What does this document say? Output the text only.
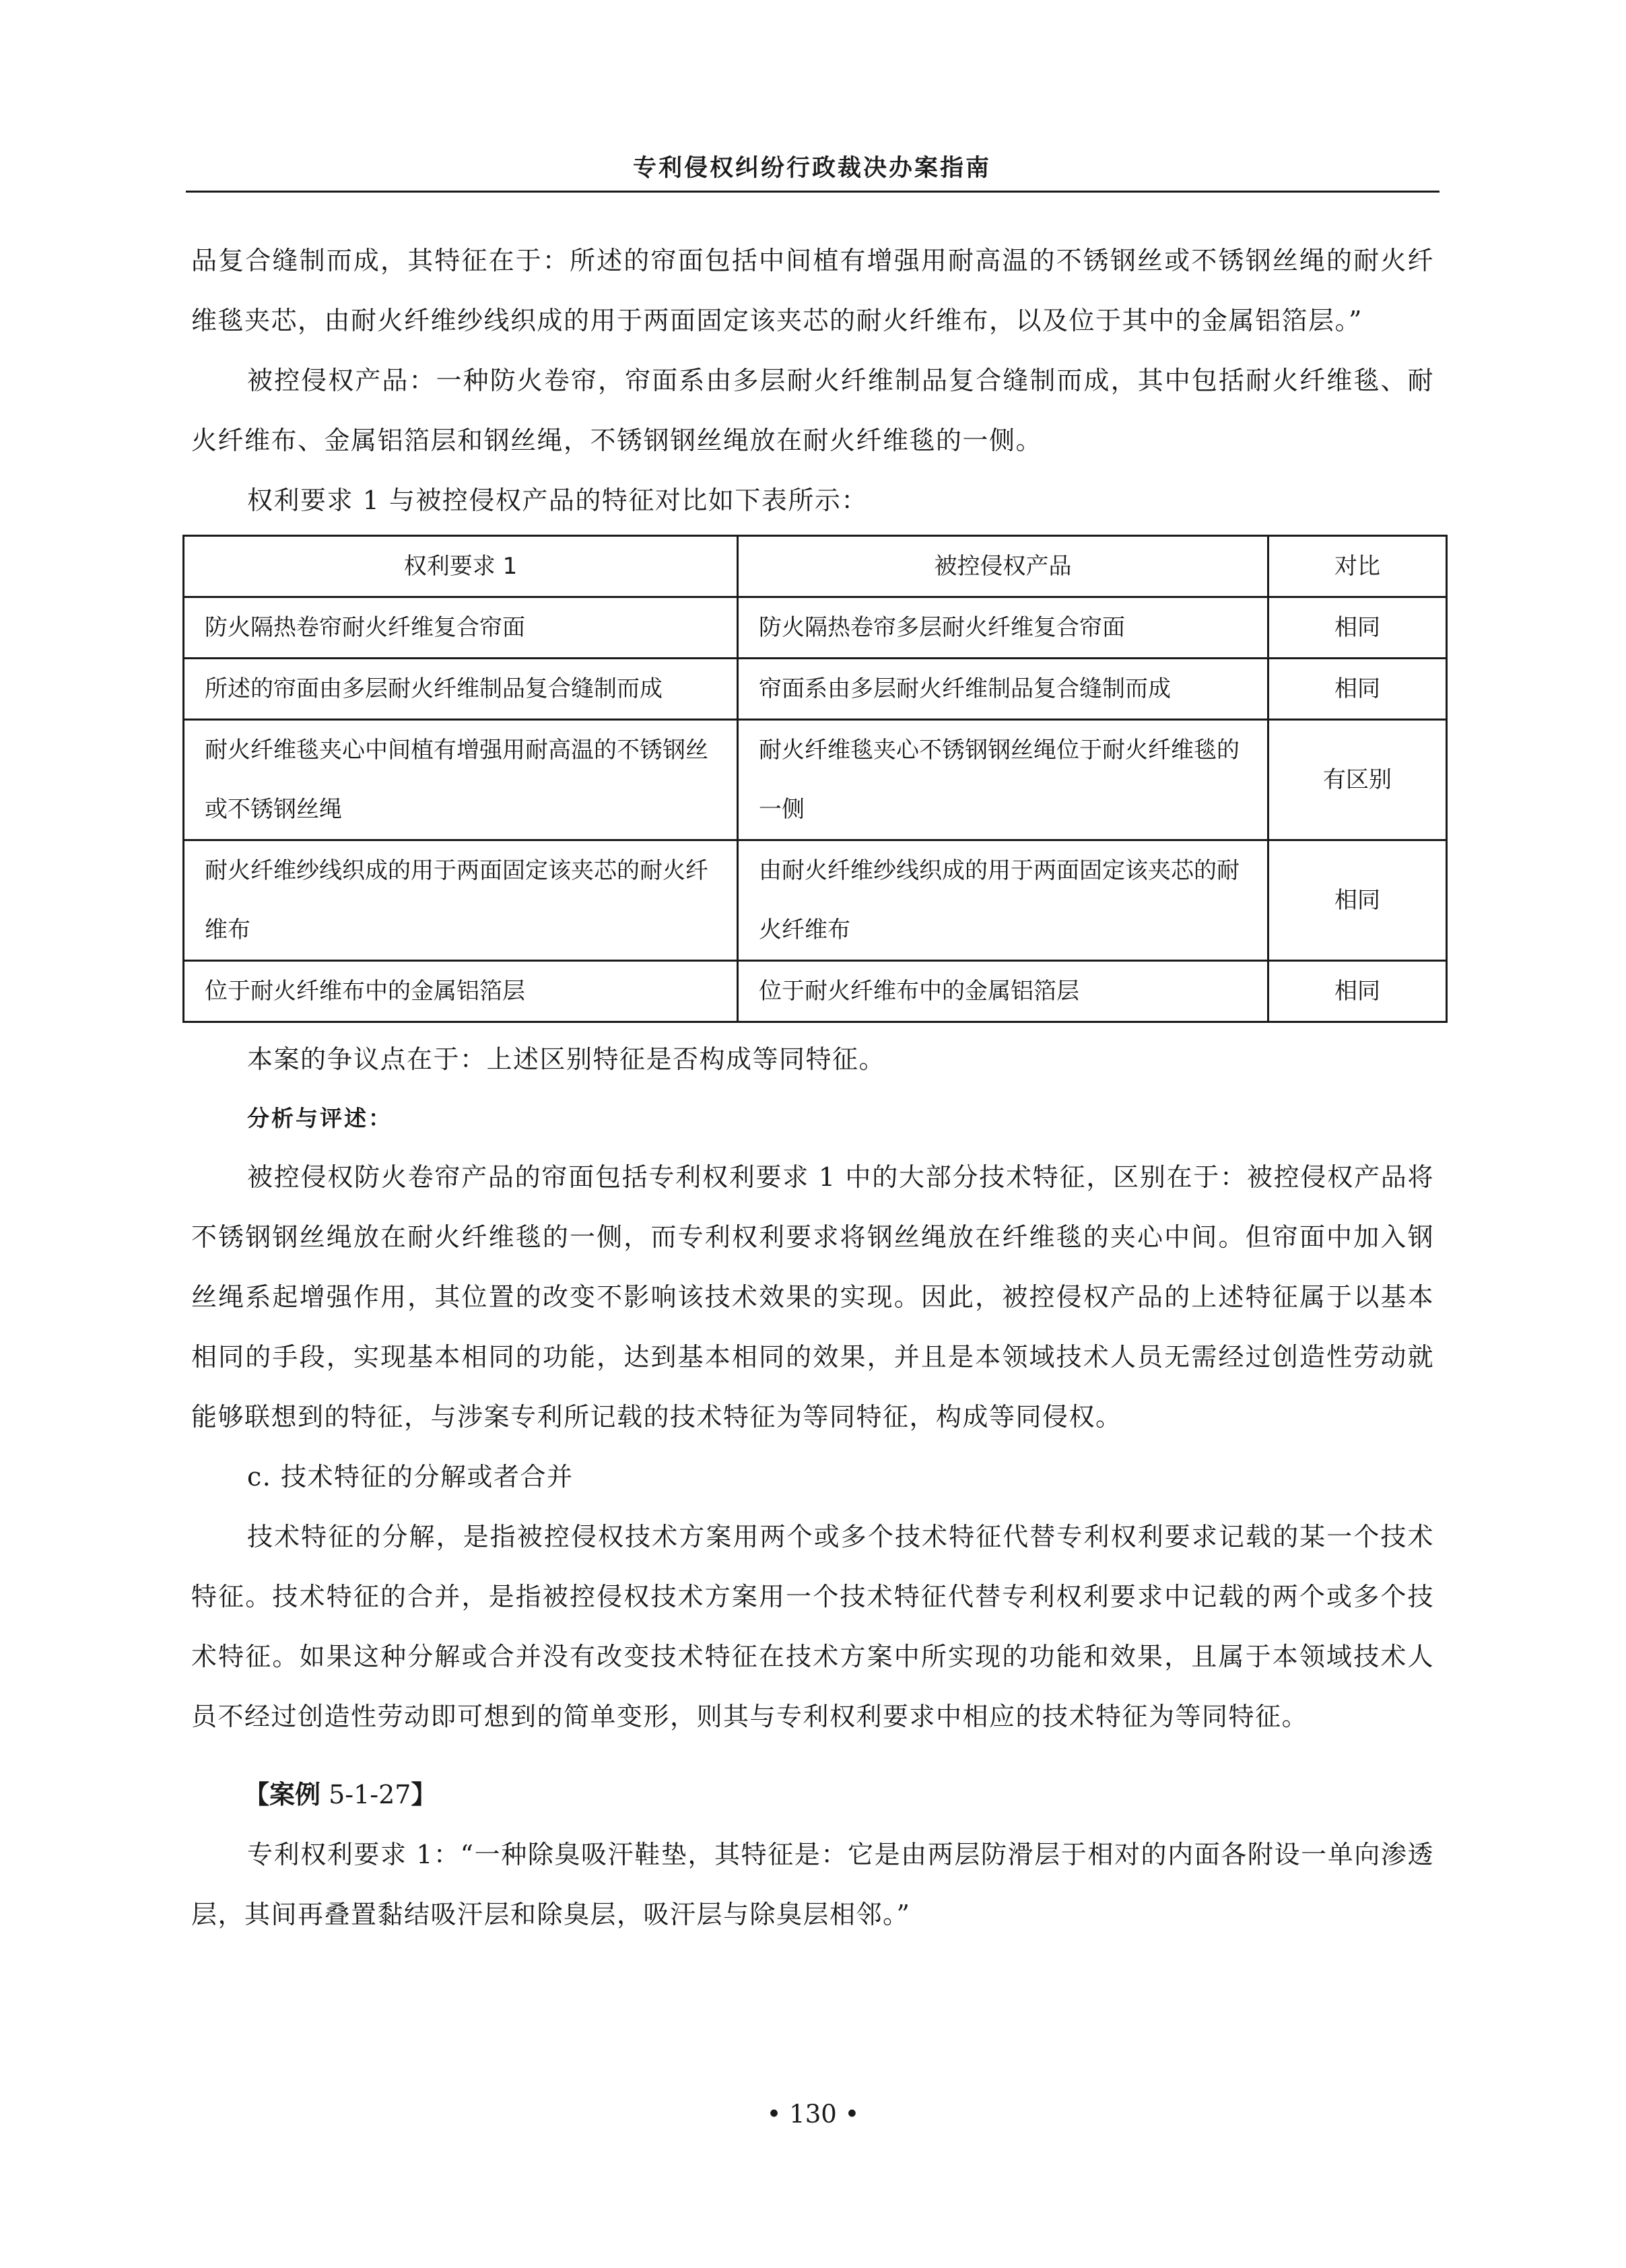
专利侵权纠纷行政裁决办案指南

品复合缝制而成，其特征在于：所述的帘面包括中间植有增强用耐高温的不锈钢丝或不锈钢丝绳的耐火纤维毯夹芯，由耐火纤维纱线织成的用于两面固定该夹芯的耐火纤维布，以及位于其中的金属铝箔层。”

被控侵权产品：一种防火卷帘，帘面系由多层耐火纤维制品复合缝制而成，其中包括耐火纤维毯、耐火纤维布、金属铝箔层和钢丝绳，不锈钢钢丝绳放在耐火纤维毯的一侧。

权利要求 1 与被控侵权产品的特征对比如下表所示：

权利要求 1	被控侵权产品	对比
防火隔热卷帘耐火纤维复合帘面	防火隔热卷帘多层耐火纤维复合帘面	相同
所述的帘面由多层耐火纤维制品复合缝制而成	帘面系由多层耐火纤维制品复合缝制而成	相同
耐火纤维毯夹心中间植有增强用耐高温的不锈钢丝或不锈钢丝绳	耐火纤维毯夹心不锈钢钢丝绳位于耐火纤维毯的一侧	有区别
耐火纤维纱线织成的用于两面固定该夹芯的耐火纤维布	由耐火纤维纱线织成的用于两面固定该夹芯的耐火纤维布	相同
位于耐火纤维布中的金属铝箔层	位于耐火纤维布中的金属铝箔层	相同

本案的争议点在于：上述区别特征是否构成等同特征。

分析与评述：

被控侵权防火卷帘产品的帘面包括专利权利要求 1 中的大部分技术特征，区别在于：被控侵权产品将不锈钢钢丝绳放在耐火纤维毯的一侧，而专利权利要求将钢丝绳放在纤维毯的夹心中间。但帘面中加入钢丝绳系起增强作用，其位置的改变不影响该技术效果的实现。因此，被控侵权产品的上述特征属于以基本相同的手段，实现基本相同的功能，达到基本相同的效果，并且是本领域技术人员无需经过创造性劳动就能够联想到的特征，与涉案专利所记载的技术特征为等同特征，构成等同侵权。

c. 技术特征的分解或者合并

技术特征的分解，是指被控侵权技术方案用两个或多个技术特征代替专利权利要求记载的某一个技术特征。技术特征的合并，是指被控侵权技术方案用一个技术特征代替专利权利要求中记载的两个或多个技术特征。如果这种分解或合并没有改变技术特征在技术方案中所实现的功能和效果，且属于本领域技术人员不经过创造性劳动即可想到的简单变形，则其与专利权利要求中相应的技术特征为等同特征。

【案例 5-1-27】

专利权利要求 1：“一种除臭吸汗鞋垫，其特征是：它是由两层防滑层于相对的内面各附设一单向渗透层，其间再叠置黏结吸汗层和除臭层，吸汗层与除臭层相邻。”

• 130 •
